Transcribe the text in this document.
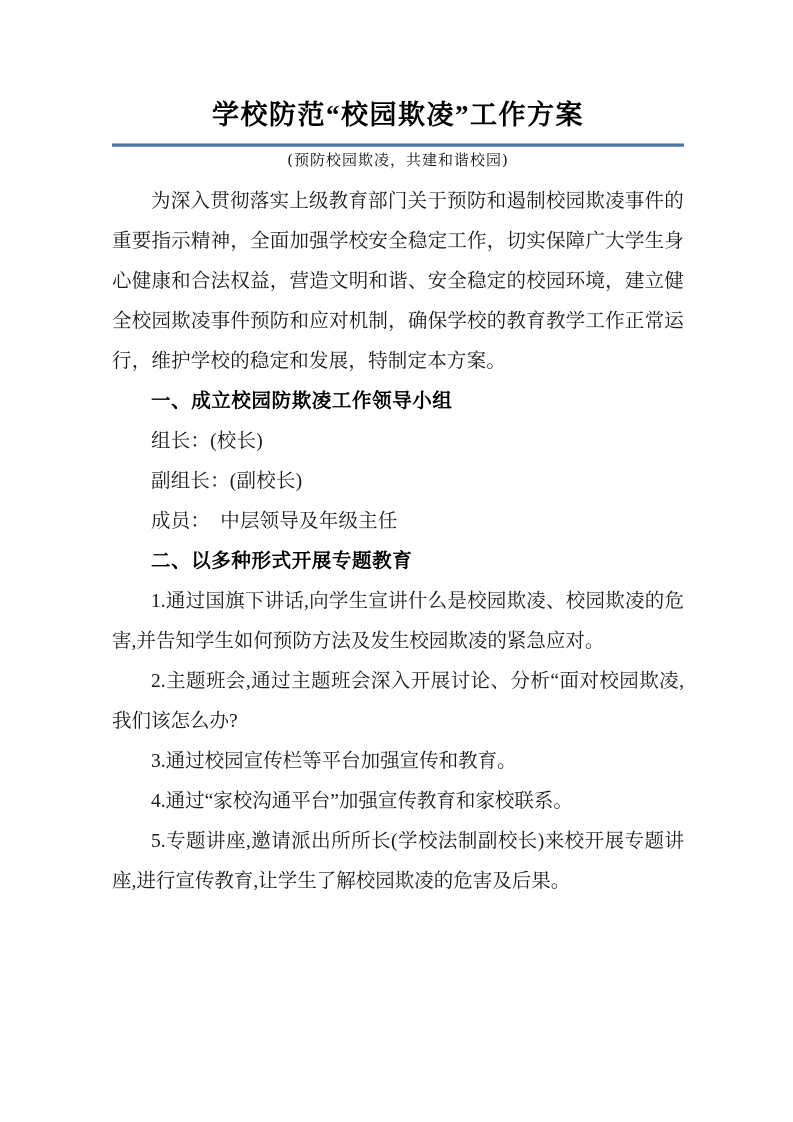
学校防范“校园欺凌”工作方案

(预防校园欺凌，共建和谐校园)

为深入贯彻落实上级教育部门关于预防和遏制校园欺凌事件的重要指示精神，全面加强学校安全稳定工作，切实保障广大学生身心健康和合法权益，营造文明和谐、安全稳定的校园环境，建立健全校园欺凌事件预防和应对机制，确保学校的教育教学工作正常运行，维护学校的稳定和发展，特制定本方案。

一、成立校园防欺凌工作领导小组

组长：(校长)

副组长：(副校长)

成员：  中层领导及年级主任

二、以多种形式开展专题教育

1.通过国旗下讲话,向学生宣讲什么是校园欺凌、校园欺凌的危害,并告知学生如何预防方法及发生校园欺凌的紧急应对。

2.主题班会,通过主题班会深入开展讨论、分析“面对校园欺凌,我们该怎么办?

3.通过校园宣传栏等平台加强宣传和教育。

4.通过“家校沟通平台”加强宣传教育和家校联系。

5.专题讲座,邀请派出所所长(学校法制副校长)来校开展专题讲座,进行宣传教育,让学生了解校园欺凌的危害及后果。
